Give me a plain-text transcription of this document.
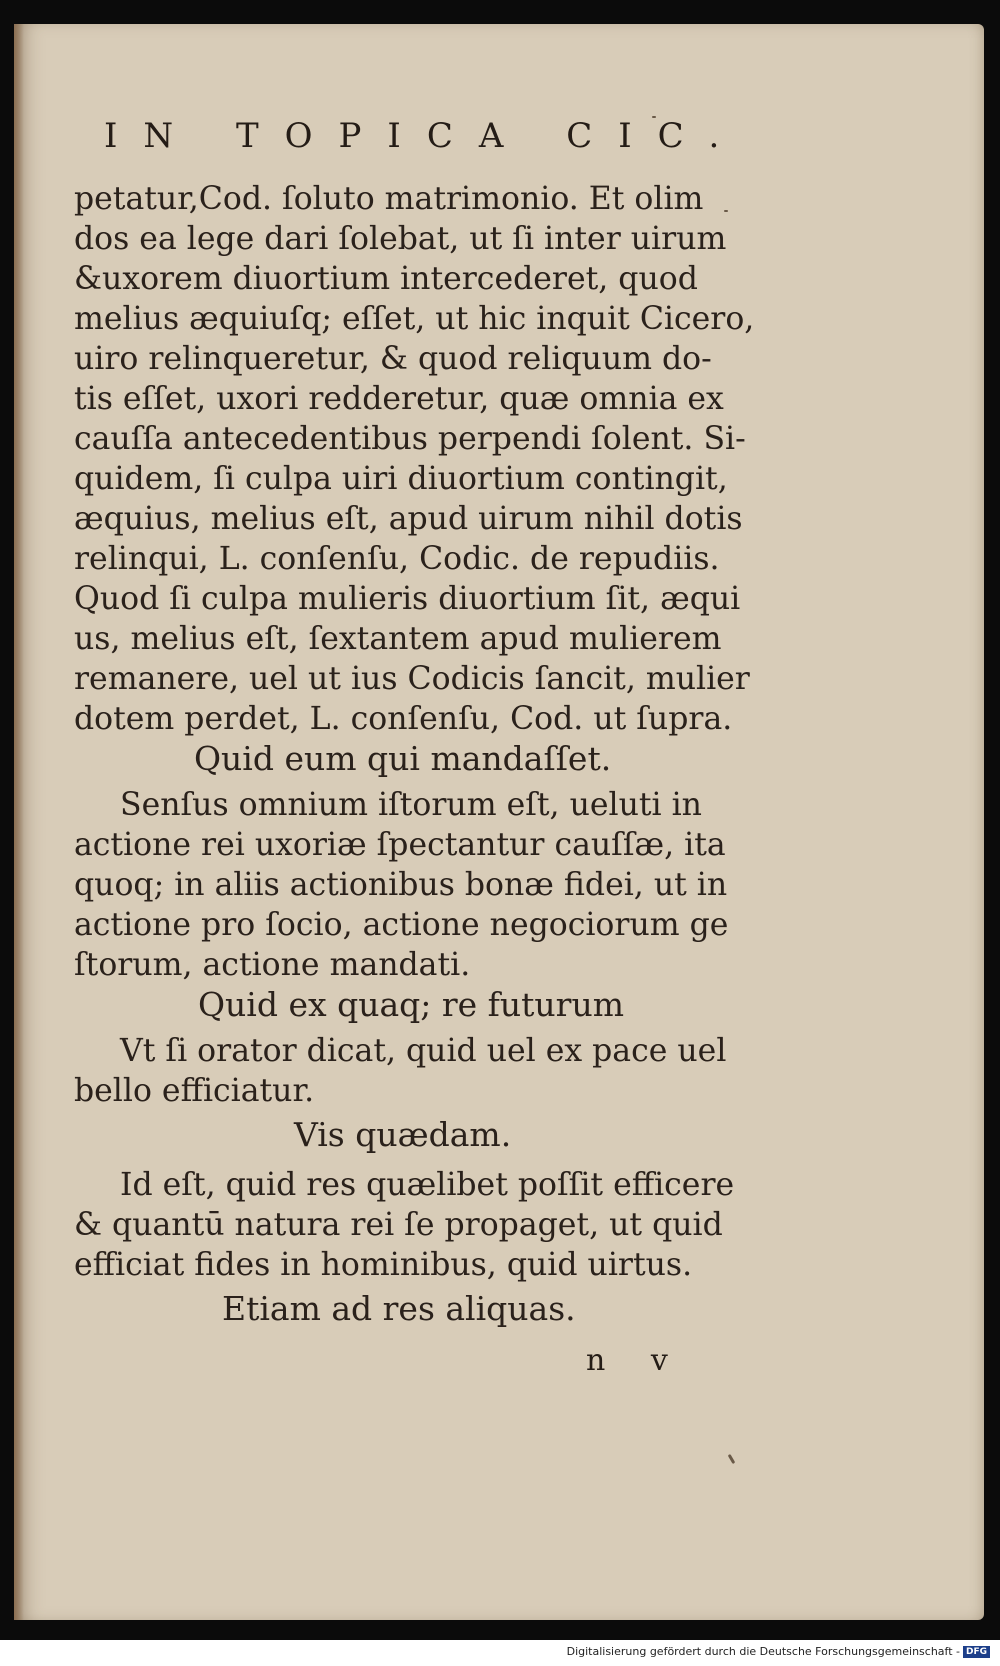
IN TOPICA CIC.
petatur,Cod. ſoluto matrimonio. Et olim
dos ea lege dari ſolebat, ut ſi inter uirum
&uxorem diuortium intercederet, quod
melius æquiuſq; eſſet, ut hic inquit Cicero,
uiro relinqueretur, & quod reliquum do-
tis eſſet, uxori redderetur, quæ omnia ex
cauſſa antecedentibus perpendi ſolent. Si-
quidem, ſi culpa uiri diuortium contingit,
æquius, melius eſt, apud uirum nihil dotis
relinqui, L. conſenſu, Codic. de repudiis.
Quod ſi culpa mulieris diuortium ſit, æqui
us, melius eſt, ſextantem apud mulierem
remanere, uel ut ius Codicis ſancit, mulier
dotem perdet, L. conſenſu, Cod. ut ſupra.
Quid eum qui mandaſſet.
Senſus omnium iſtorum eſt, ueluti in
actione rei uxoriæ ſpectantur cauſſæ, ita
quoq; in aliis actionibus bonæ fidei, ut in
actione pro ſocio, actione negociorum ge
ſtorum, actione mandati.
Quid ex quaq; re futurum
Vt ſi orator dicat, quid uel ex pace uel
bello efficiatur.
Vis quædam.
Id eſt, quid res quælibet poſſit efficere
& quantū natura rei ſe propaget, ut quid
efficiat fides in hominibus, quid uirtus.
Etiam ad res aliquas.
n v
Digitalisierung gefördert durch die Deutsche Forschungsgemeinschaft - DFG
